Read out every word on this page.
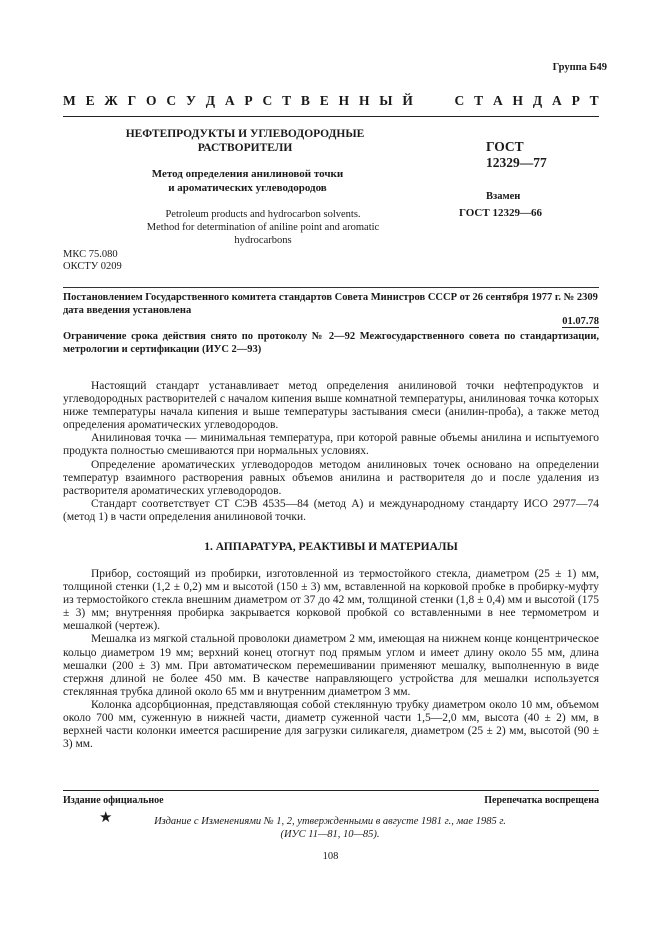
Группа Б49
М Е Ж Г О С У Д А Р С Т В Е Н Н Ы Й	С Т А Н Д А Р Т
НЕФТЕПРОДУКТЫ И УГЛЕВОДОРОДНЫЕ
РАСТВОРИТЕЛИ
Метод определения анилиновой точки
и ароматических углеводородов
Petroleum products and hydrocarbon solvents.
Method for determination of aniline point and aromatic hydrocarbons
ГОСТ
12329—77
Взамен
ГОСТ 12329—66
МКС 75.080
ОКСТУ 0209
Постановлением Государственного комитета стандартов Совета Министров СССР от 26 сентября 1977 г. № 2309 дата введения установлена
01.07.78
Ограничение срока действия снято по протоколу № 2—92 Межгосударственного совета по стандартизации, метрологии и сертификации (ИУС 2—93)

Настоящий стандарт устанавливает метод определения анилиновой точки нефтепродуктов и углеводородных растворителей с началом кипения выше комнатной температуры, анилиновая точка которых ниже температуры начала кипения и выше температуры застывания смеси (анилин-проба), а также метод определения ароматических углеводородов.

Анилиновая точка — минимальная температура, при которой равные объемы анилина и испытуемого продукта полностью смешиваются при нормальных условиях.

Определение ароматических углеводородов методом анилиновых точек основано на определении температур взаимного растворения равных объемов анилина и растворителя до и после удаления из растворителя ароматических углеводородов.

Стандарт соответствует СТ СЭВ 4535—84 (метод А) и международному стандарту ИСО 2977—74 (метод 1) в части определения анилиновой точки.

1. АППАРАТУРА, РЕАКТИВЫ И МАТЕРИАЛЫ

Прибор, состоящий из пробирки, изготовленной из термостойкого стекла, диаметром (25 ± 1) мм, толщиной стенки (1,2 ± 0,2) мм и высотой (150 ± 3) мм, вставленной на корковой пробке в пробирку-муфту из термостойкого стекла внешним диаметром от 37 до 42 мм, толщиной стенки (1,8 ± 0,4) мм и высотой (175 ± 3) мм; внутренняя пробирка закрывается корковой пробкой со вставленными в нее термометром и мешалкой (чертеж).

Мешалка из мягкой стальной проволоки диаметром 2 мм, имеющая на нижнем конце концентрическое кольцо диаметром 19 мм; верхний конец отогнут под прямым углом и имеет длину около 55 мм, длина мешалки (200 ± 3) мм. При автоматическом перемешивании применяют мешалку, выполненную в виде стержня длиной не более 450 мм. В качестве направляющего устройства для мешалки используется стеклянная трубка длиной около 65 мм и внутренним диаметром 3 мм.

Колонка адсорбционная, представляющая собой стеклянную трубку диаметром около 10 мм, объемом около 700 мм, суженную в нижней части, диаметр суженной части 1,5—2,0 мм, высота (40 ± 2) мм, в верхней части колонки имеется расширение для загрузки силикагеля, диаметром (25 ± 2) мм, высотой (90 ± 3) мм.

Издание официальное	Перепечатка воспрещена
★	Издание с Изменениями № 1, 2, утвержденными в августе 1981 г., мае 1985 г.
(ИУС 11—81, 10—85).
108
